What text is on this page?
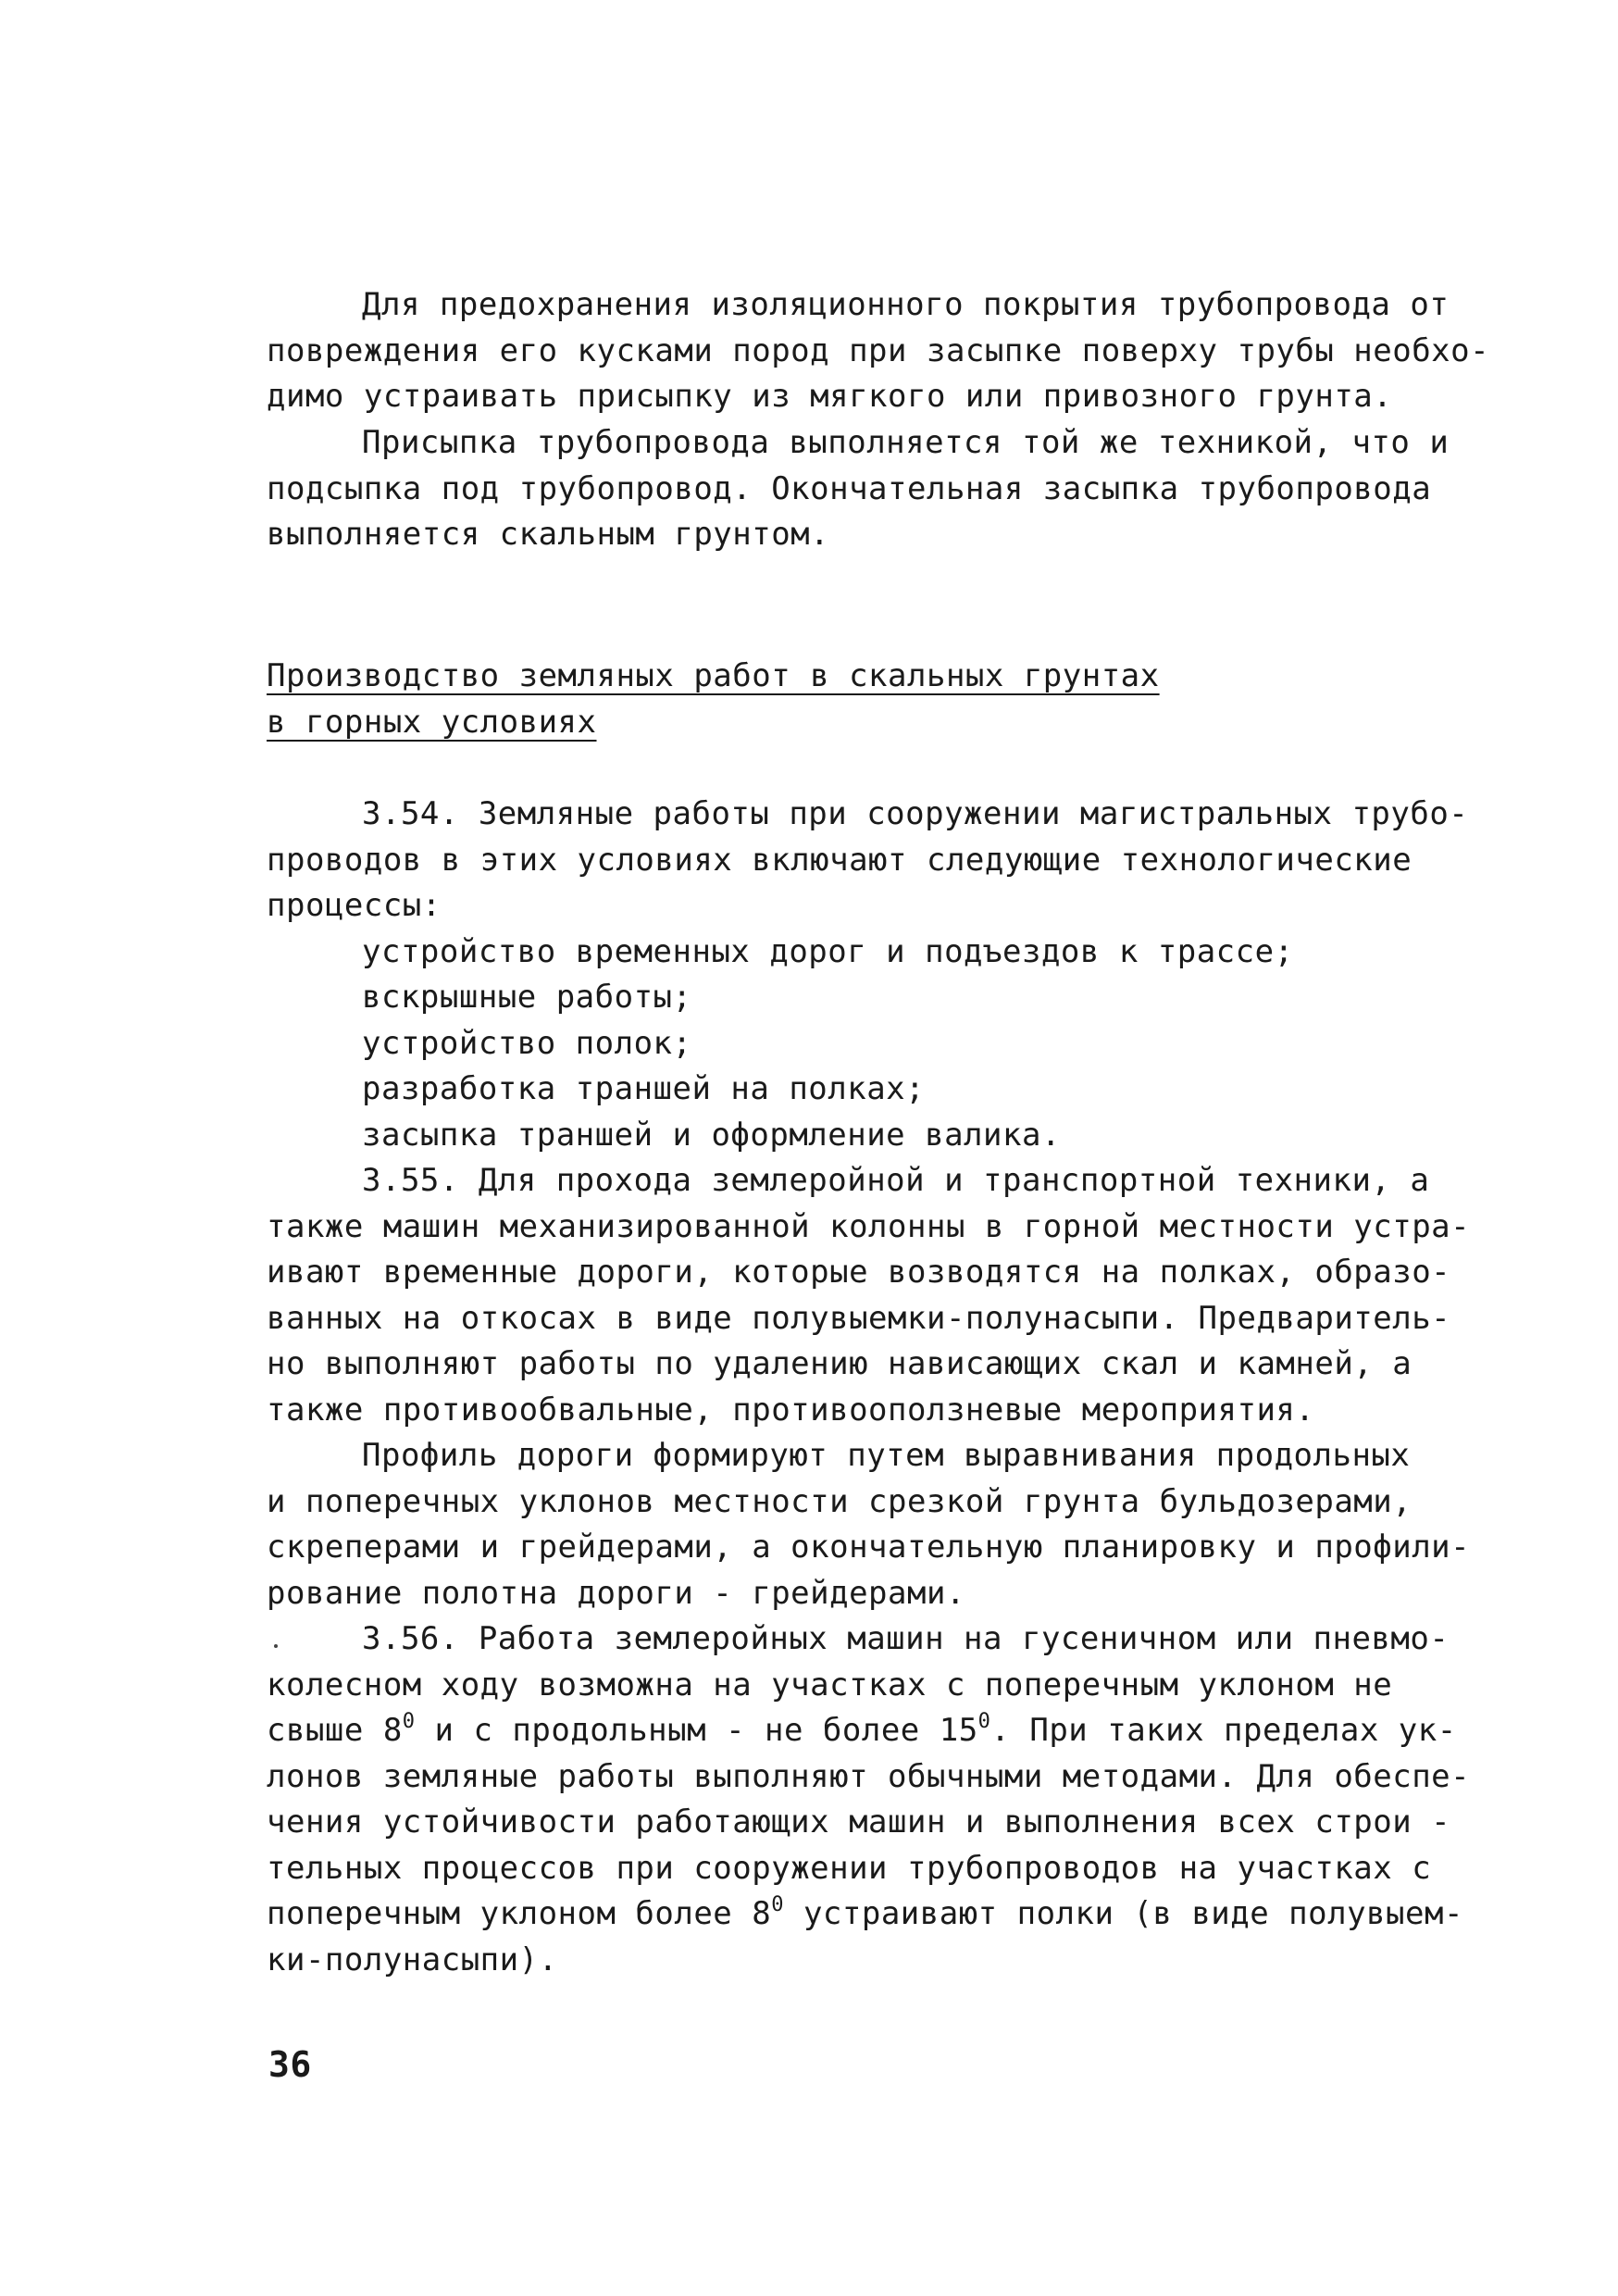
Для предохранения изоляционного покрытия трубопровода от
повреждения его кусками пород при засыпке поверху трубы необхо-
димо устраивать присыпку из мягкого или привозного грунта.
Присыпка трубопровода выполняется той же техникой, что и
подсыпка под трубопровод. Окончательная засыпка трубопровода
выполняется скальным грунтом.
Производство земляных работ в скальных грунтах
в горных условиях
3.54. Земляные работы при сооружении магистральных трубо-
проводов в этих условиях включают следующие технологические
процессы:
устройство временных дорог и подъездов к трассе;
вскрышные работы;
устройство полок;
разработка траншей на полках;
засыпка траншей и оформление валика.
3.55. Для прохода землеройной и транспортной техники, а
также машин механизированной колонны в горной местности устра-
ивают временные дороги, которые возводятся на полках, образо-
ванных на откосах в виде полувыемки-полунасыпи. Предваритель-
но выполняют работы по удалению нависающих скал и камней, а
также противообвальные, противооползневые мероприятия.
Профиль дороги формируют путем выравнивания продольных
и поперечных уклонов местности срезкой грунта бульдозерами,
скреперами и грейдерами, а окончательную планировку и профили-
рование полотна дороги - грейдерами.
3.56. Работа землеройных машин на гусеничном или пневмо-
колесном ходу возможна на участках с поперечным уклоном не
свыше $8^0$ и с продольным - не более $15^0$. При таких пределах ук-
лонов земляные работы выполняют обычными методами. Для обеспе-
чения устойчивости работающих машин и выполнения всех строи -
тельных процессов при сооружении трубопроводов на участках с
поперечным уклоном более $8^0$ устраивают полки (в виде полувыем-
ки-полунасыпи).
36
